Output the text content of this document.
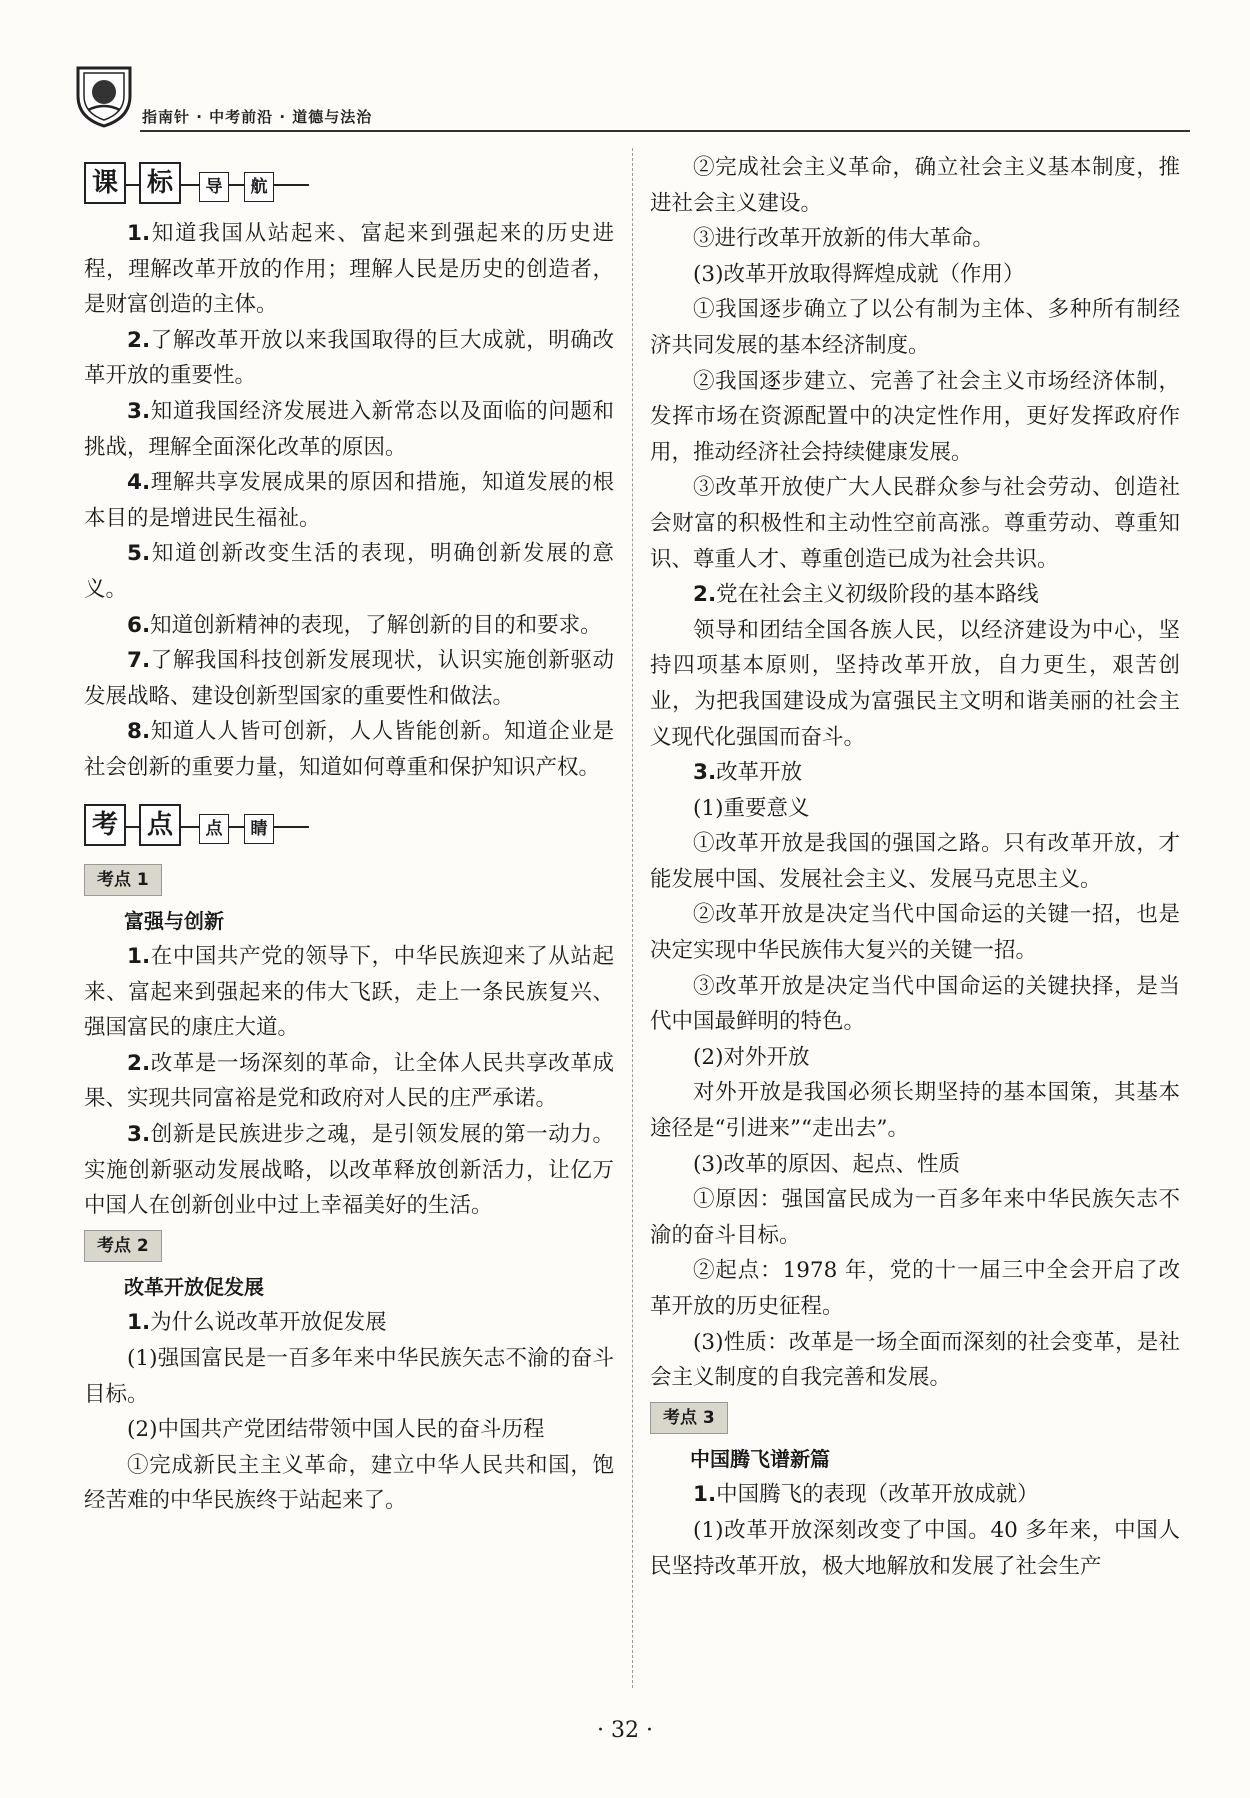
指南针 · 中考前沿 · 道德与法治
课	标	导	航

1.知道我国从站起来、富起来到强起来的历史进程，理解改革开放的作用；理解人民是历史的创造者，是财富创造的主体。

2.了解改革开放以来我国取得的巨大成就，明确改革开放的重要性。

3.知道我国经济发展进入新常态以及面临的问题和挑战，理解全面深化改革的原因。

4.理解共享发展成果的原因和措施，知道发展的根本目的是增进民生福祉。

5.知道创新改变生活的表现，明确创新发展的意义。

6.知道创新精神的表现，了解创新的目的和要求。

7.了解我国科技创新发展现状，认识实施创新驱动发展战略、建设创新型国家的重要性和做法。

8.知道人人皆可创新，人人皆能创新。知道企业是社会创新的重要力量，知道如何尊重和保护知识产权。

考	点	点	睛
考点 1

富强与创新

1.在中国共产党的领导下，中华民族迎来了从站起来、富起来到强起来的伟大飞跃，走上一条民族复兴、强国富民的康庄大道。

2.改革是一场深刻的革命，让全体人民共享改革成果、实现共同富裕是党和政府对人民的庄严承诺。

3.创新是民族进步之魂，是引领发展的第一动力。实施创新驱动发展战略，以改革释放创新活力，让亿万中国人在创新创业中过上幸福美好的生活。

考点 2

改革开放促发展

1.为什么说改革开放促发展

(1)强国富民是一百多年来中华民族矢志不渝的奋斗目标。

(2)中国共产党团结带领中国人民的奋斗历程

①完成新民主主义革命，建立中华人民共和国，饱经苦难的中华民族终于站起来了。

②完成社会主义革命，确立社会主义基本制度，推进社会主义建设。

③进行改革开放新的伟大革命。

(3)改革开放取得辉煌成就（作用）

①我国逐步确立了以公有制为主体、多种所有制经济共同发展的基本经济制度。

②我国逐步建立、完善了社会主义市场经济体制，发挥市场在资源配置中的决定性作用，更好发挥政府作用，推动经济社会持续健康发展。

③改革开放使广大人民群众参与社会劳动、创造社会财富的积极性和主动性空前高涨。尊重劳动、尊重知识、尊重人才、尊重创造已成为社会共识。

2.党在社会主义初级阶段的基本路线

领导和团结全国各族人民，以经济建设为中心，坚持四项基本原则，坚持改革开放，自力更生，艰苦创业，为把我国建设成为富强民主文明和谐美丽的社会主义现代化强国而奋斗。

3.改革开放

(1)重要意义

①改革开放是我国的强国之路。只有改革开放，才能发展中国、发展社会主义、发展马克思主义。

②改革开放是决定当代中国命运的关键一招，也是决定实现中华民族伟大复兴的关键一招。

③改革开放是决定当代中国命运的关键抉择，是当代中国最鲜明的特色。

(2)对外开放

对外开放是我国必须长期坚持的基本国策，其基本途径是“引进来”“走出去”。

(3)改革的原因、起点、性质

①原因：强国富民成为一百多年来中华民族矢志不渝的奋斗目标。

②起点：1978 年，党的十一届三中全会开启了改革开放的历史征程。

(3)性质：改革是一场全面而深刻的社会变革，是社会主义制度的自我完善和发展。

考点 3

中国腾飞谱新篇

1.中国腾飞的表现（改革开放成就）

(1)改革开放深刻改变了中国。40 多年来，中国人民坚持改革开放，极大地解放和发展了社会生产

· 32 ·
